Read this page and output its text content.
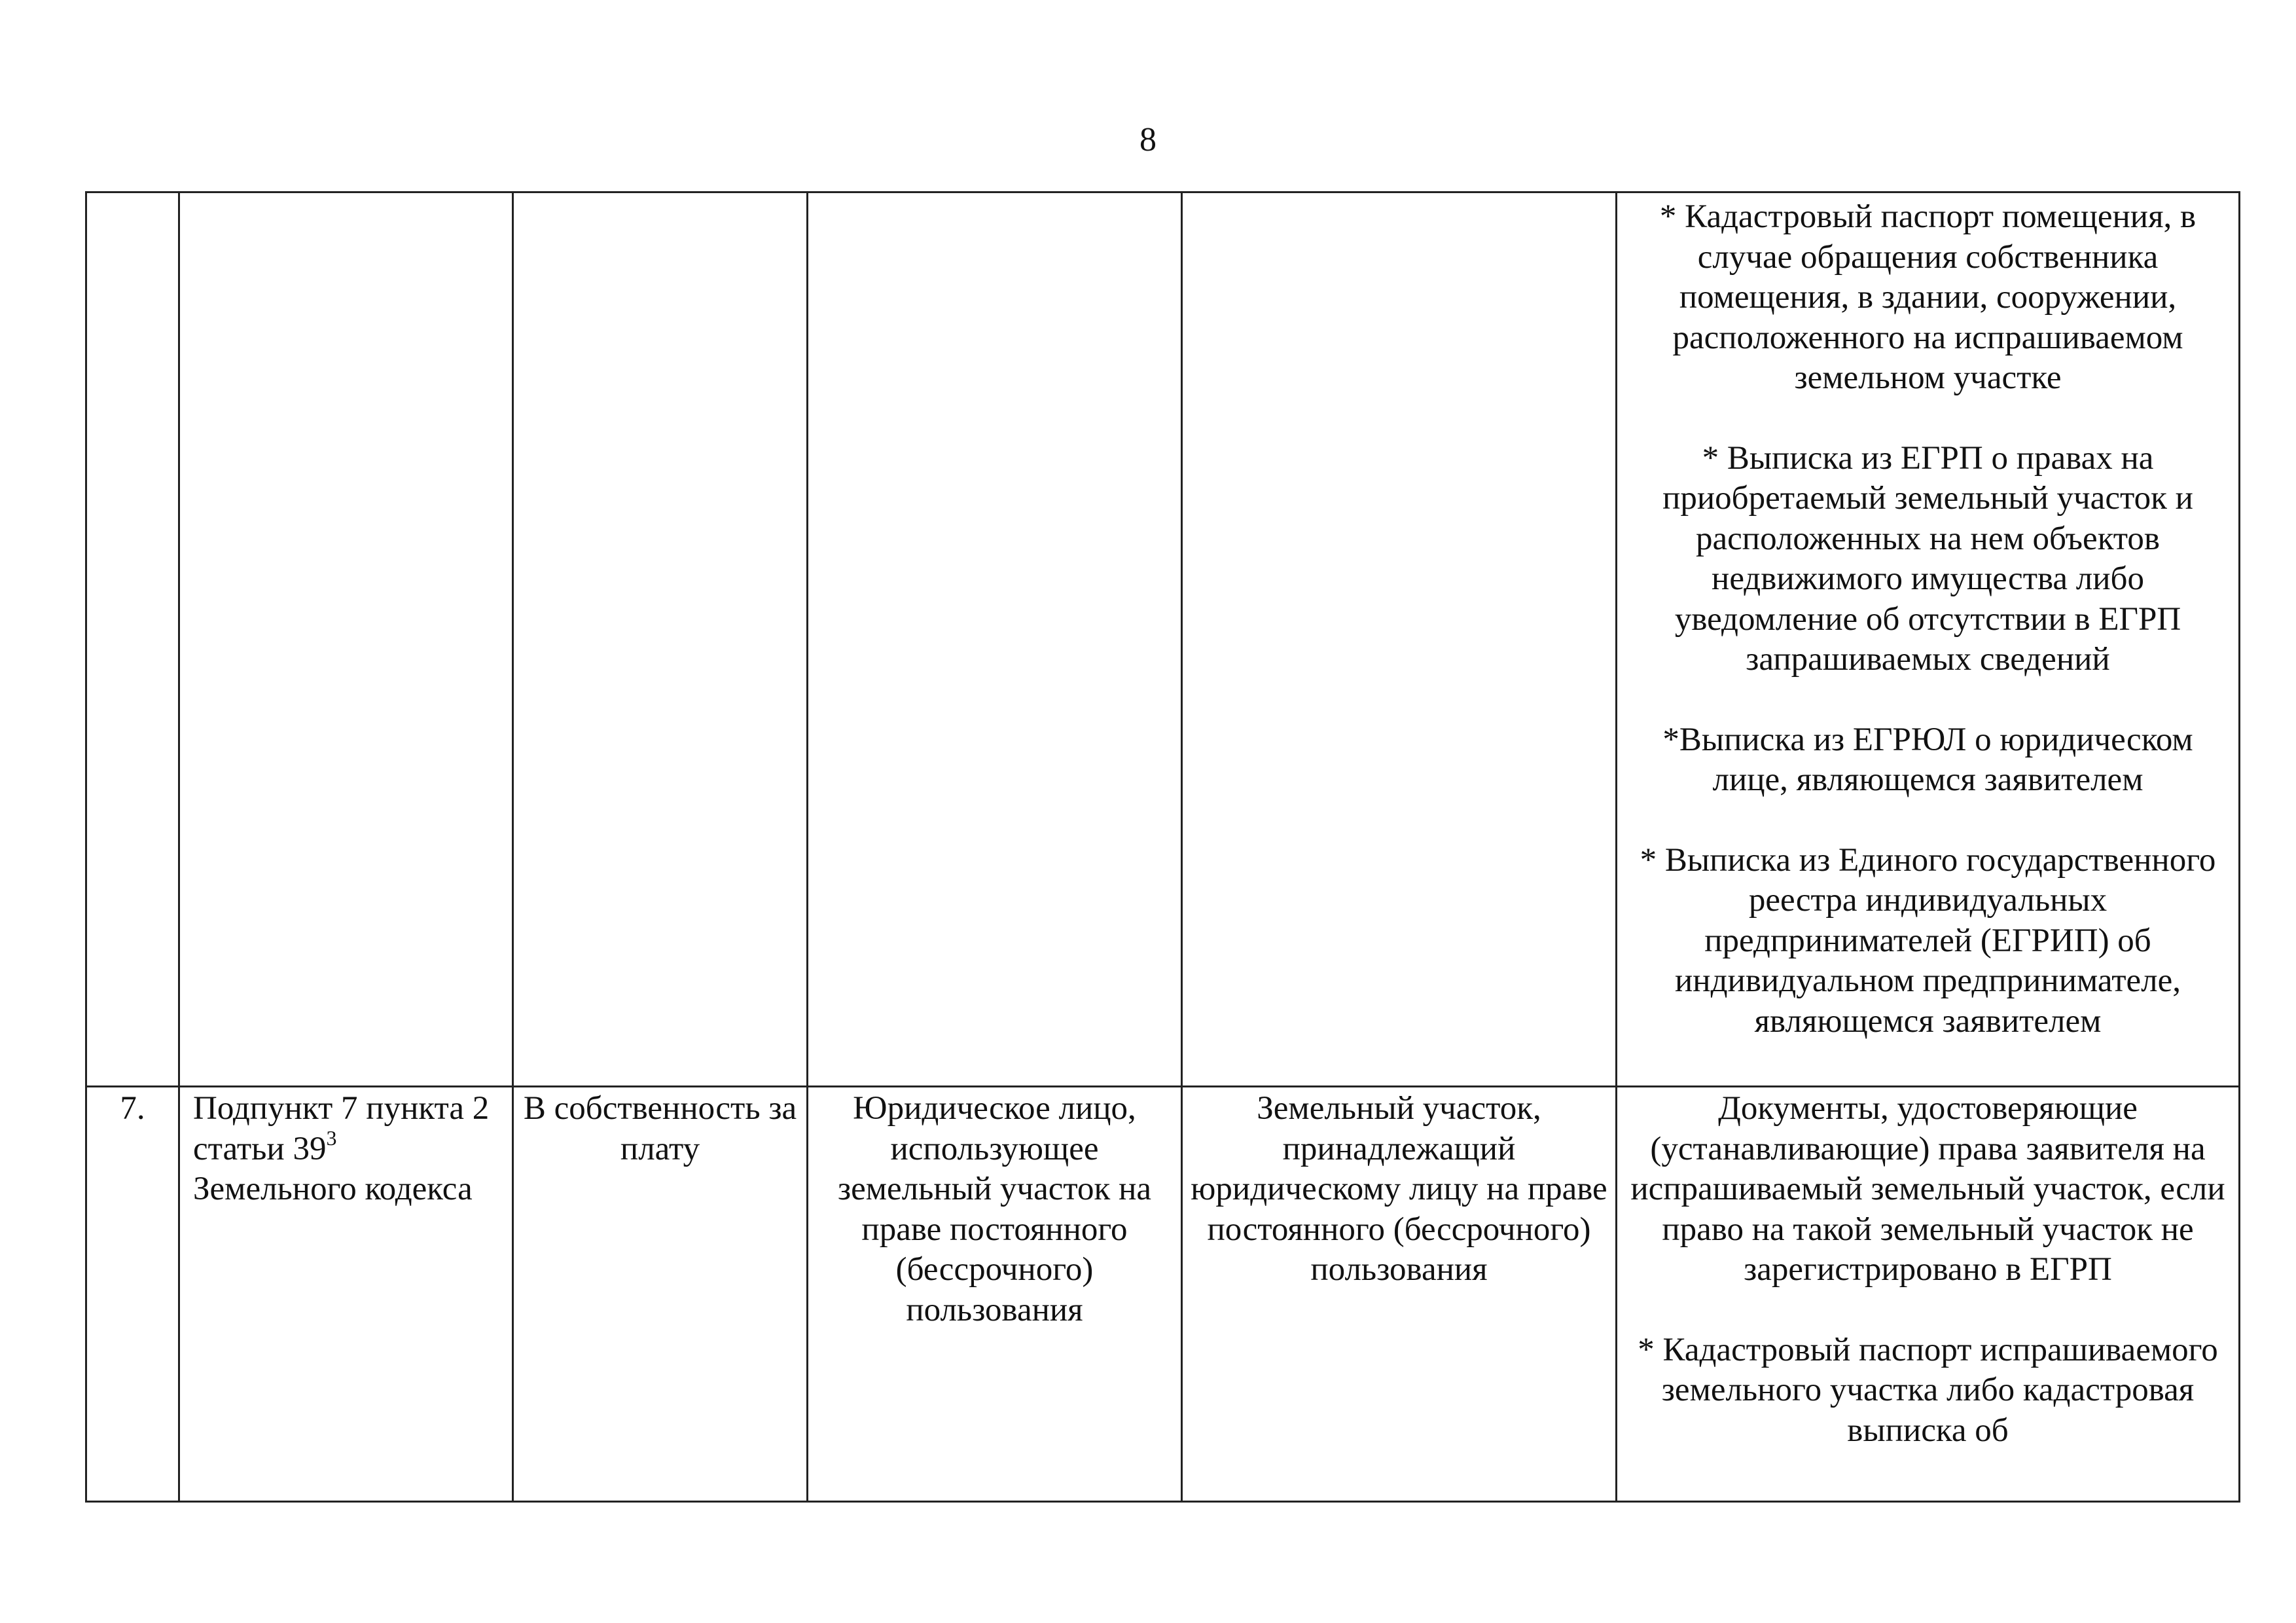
8

					* Кадастровый паспорт помещения, в случае обращения собственника помещения, в здании, сооружении, расположенного на испрашиваемом земельном участке
* Выписка из ЕГРП о правах на приобретаемый земельный участок и расположенных на нем объектов недвижимого имущества либо уведомление об отсутствии в ЕГРП запрашиваемых сведений
*Выписка из ЕГРЮЛ о юридическом лице, являющемся заявителем
* Выписка из Единого государственного реестра индивидуальных предпринимателей (ЕГРИП) об индивидуальном предпринимателе, являющемся заявителем

7.	Подпункт 7 пункта 2 статьи $39^3$ Земельного кодекса	В собственность за плату	Юридическое лицо, использующее земельный участок на праве постоянного (бессрочного) пользования	Земельный участок, принадлежащий юридическому лицу на праве постоянного (бессрочного) пользования	Документы, удостоверяющие (устанавливающие) права заявителя на испрашиваемый земельный участок, если право на такой земельный участок не зарегистрировано в ЕГРП
* Кадастровый паспорт испрашиваемого земельного участка либо кадастровая выписка об
